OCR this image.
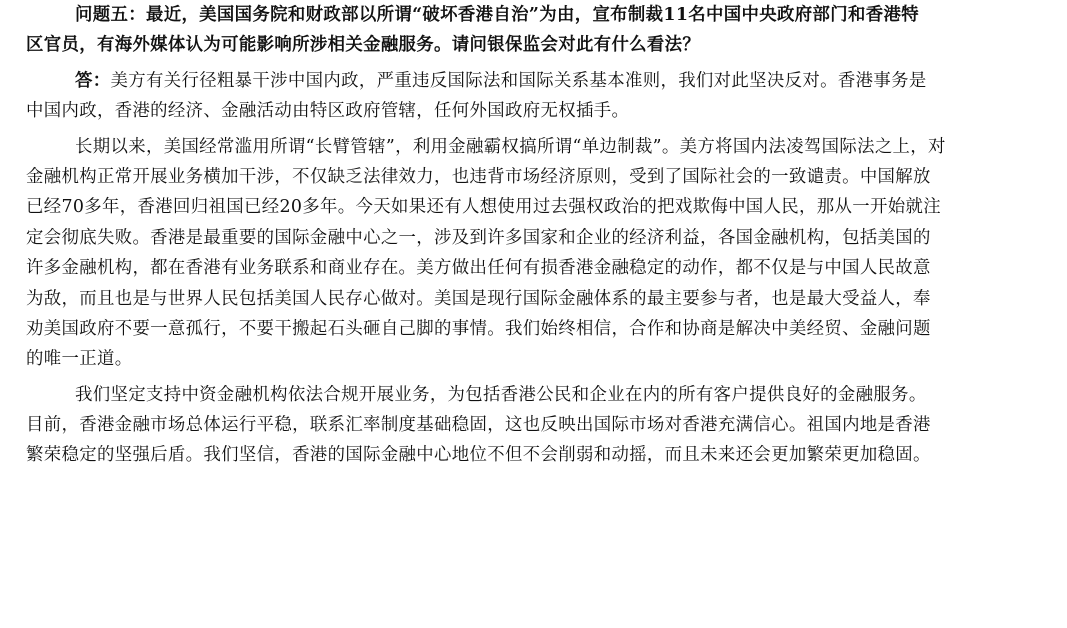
问题五：最近，美国国务院和财政部以所谓“破坏香港自治”为由，宣布制裁11名中国中央政府部门和香港特
区官员，有海外媒体认为可能影响所涉相关金融服务。请问银保监会对此有什么看法？
答：美方有关行径粗暴干涉中国内政，严重违反国际法和国际关系基本准则，我们对此坚决反对。香港事务是
中国内政，香港的经济、金融活动由特区政府管辖，任何外国政府无权插手。
长期以来，美国经常滥用所谓“长臂管辖”，利用金融霸权搞所谓“单边制裁”。美方将国内法凌驾国际法之上，对
金融机构正常开展业务横加干涉，不仅缺乏法律效力，也违背市场经济原则，受到了国际社会的一致谴责。中国解放
已经70多年，香港回归祖国已经20多年。今天如果还有人想使用过去强权政治的把戏欺侮中国人民，那从一开始就注
定会彻底失败。香港是最重要的国际金融中心之一，涉及到许多国家和企业的经济利益，各国金融机构，包括美国的
许多金融机构，都在香港有业务联系和商业存在。美方做出任何有损香港金融稳定的动作，都不仅是与中国人民故意
为敌，而且也是与世界人民包括美国人民存心做对。美国是现行国际金融体系的最主要参与者，也是最大受益人，奉
劝美国政府不要一意孤行，不要干搬起石头砸自己脚的事情。我们始终相信，合作和协商是解决中美经贸、金融问题
的唯一正道。
我们坚定支持中资金融机构依法合规开展业务，为包括香港公民和企业在内的所有客户提供良好的金融服务。
目前，香港金融市场总体运行平稳，联系汇率制度基础稳固，这也反映出国际市场对香港充满信心。祖国内地是香港
繁荣稳定的坚强后盾。我们坚信，香港的国际金融中心地位不但不会削弱和动摇，而且未来还会更加繁荣更加稳固。
